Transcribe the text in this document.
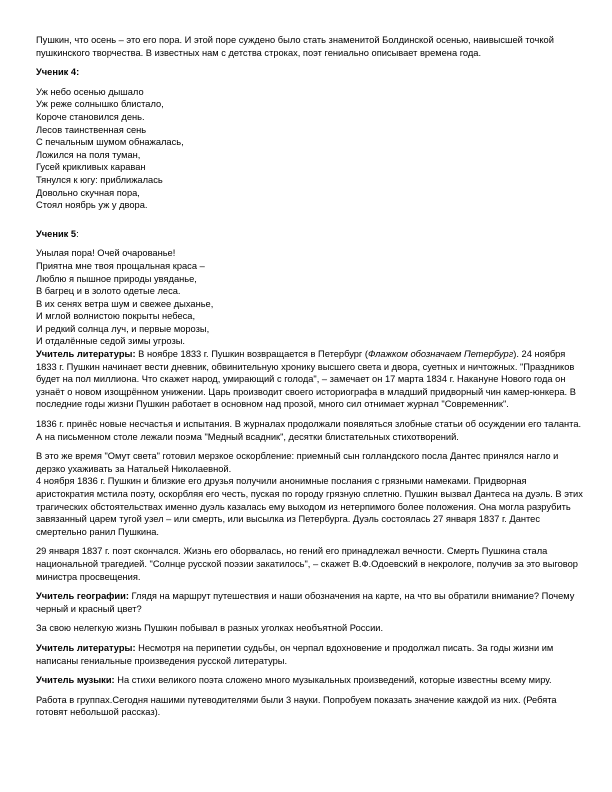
Пушкин, что осень – это его пора. И этой поре суждено было стать знаменитой Болдинской осенью, наивысшей точкой пушкинского творчества. В известных нам с детства строках, поэт гениально описывает времена года.

Ученик 4:

Уж небо осенью дышало

Уж реже солнышко блистало,

Короче становился день.

Лесов таинственная сень

С печальным шумом обнажалась,

Ложился на поля туман,

Гусей крикливых караван

Тянулся к югу: приближалась

Довольно скучная пора,

Стоял ноябрь уж у двора.

Ученик 5:

Унылая пора! Очей очарованье!

Приятна мне твоя прощальная краса –

Люблю я пышное природы увяданье,

В багрец и в золото одетые леса.

В их сенях ветра шум и свежее дыханье,

И мглой волнистою покрыты небеса,

И редкий солнца луч, и первые морозы,

И отдалённые седой зимы угрозы.

Учитель литературы: В ноябре 1833 г. Пушкин возвращается в Петербург (Флажком обозначаем Петербург). 24 ноября 1833 г. Пушкин начинает вести дневник, обвинительную хронику высшего света и двора, суетных и ничтожных. "Праздников будет на пол миллиона. Что скажет народ, умирающий с голода", – замечает он 17 марта 1834 г. Накануне Нового года он узнаёт о новом изощрённом унижении. Царь производит своего историографа в младший придворный чин камер-юнкера. В последние годы жизни Пушкин работает в основном над прозой, много сил отнимает журнал "Современник".

1836 г. принёс новые несчастья и испытания. В журналах продолжали появляться злобные статьи об осуждении его таланта.

А на письменном столе лежали поэма "Медный всадник", десятки блистательных стихотворений.

В это же время "Омут света" готовил мерзкое оскорбление: приемный сын голландского посла Дантес принялся нагло и дерзко ухаживать за Натальей Николаевной.

4 ноября 1836 г. Пушкин и близкие его друзья получили анонимные послания с грязными намеками. Придворная аристократия мстила поэту, оскорбляя его честь, пуская по городу грязную сплетню. Пушкин вызвал Дантеса на дуэль. В этих трагических обстоятельствах именно дуэль казалась ему выходом из нетерпимого более положения. Она могла разрубить завязанный царем тугой узел – или смерть, или высылка из Петербурга. Дуэль состоялась 27 января 1837 г. Дантес смертельно ранил Пушкина.

29 января 1837 г. поэт скончался. Жизнь его оборвалась, но гений его принадлежал вечности. Смерть Пушкина стала национальной трагедией. "Солнце русской поэзии закатилось", – скажет В.Ф.Одоевский в некрологе, получив за это выговор министра просвещения.

Учитель географии: Глядя на маршрут путешествия и наши обозначения на карте, на что вы обратили внимание? Почему черный и красный цвет?

За свою нелегкую жизнь Пушкин побывал в разных уголках необъятной России.

Учитель литературы: Несмотря на перипетии судьбы, он черпал вдохновение и продолжал писать. За годы жизни им написаны гениальные произведения русской литературы.

Учитель музыки: На стихи великого поэта сложено много музыкальных произведений, которые известны всему миру.

Работа в группах.Сегодня нашими путеводителями были 3 науки. Попробуем показать значение каждой из них. (Ребята готовят небольшой рассказ).
